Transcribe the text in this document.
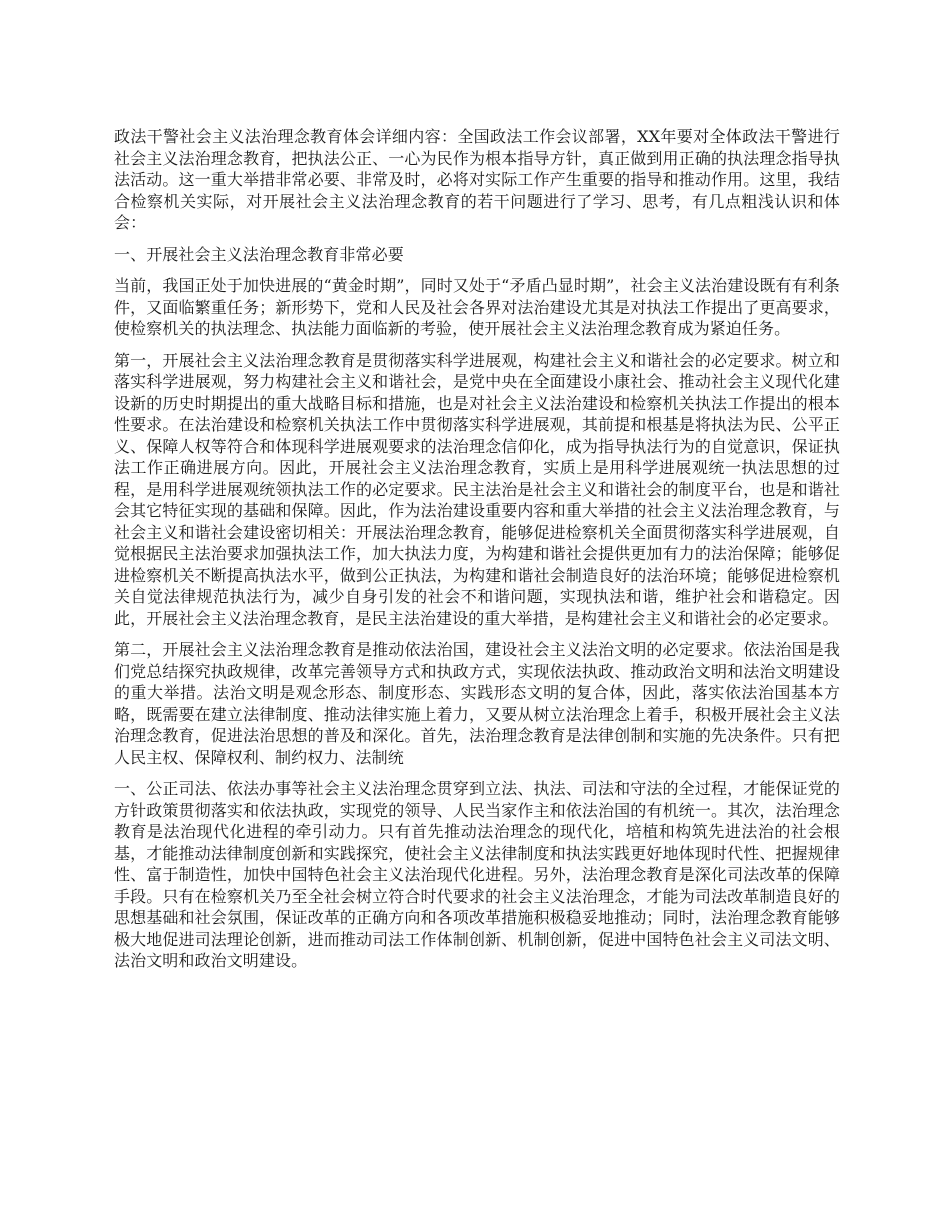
政法干警社会主义法治理念教育体会详细内容：全国政法工作会议部署，XX年要对全体政法干警进行社会主义法治理念教育，把执法公正、一心为民作为根本指导方针，真正做到用正确的执法理念指导执法活动。这一重大举措非常必要、非常及时，必将对实际工作产生重要的指导和推动作用。这里，我结合检察机关实际，对开展社会主义法治理念教育的若干问题进行了学习、思考，有几点粗浅认识和体会：

一、开展社会主义法治理念教育非常必要

当前，我国正处于加快进展的“黄金时期”，同时又处于“矛盾凸显时期”，社会主义法治建设既有有利条件，又面临繁重任务；新形势下，党和人民及社会各界对法治建设尤其是对执法工作提出了更高要求，使检察机关的执法理念、执法能力面临新的考验，使开展社会主义法治理念教育成为紧迫任务。

第一，开展社会主义法治理念教育是贯彻落实科学进展观，构建社会主义和谐社会的必定要求。树立和落实科学进展观，努力构建社会主义和谐社会，是党中央在全面建设小康社会、推动社会主义现代化建设新的历史时期提出的重大战略目标和措施，也是对社会主义法治建设和检察机关执法工作提出的根本性要求。在法治建设和检察机关执法工作中贯彻落实科学进展观，其前提和根基是将执法为民、公平正义、保障人权等符合和体现科学进展观要求的法治理念信仰化，成为指导执法行为的自觉意识，保证执法工作正确进展方向。因此，开展社会主义法治理念教育，实质上是用科学进展观统一执法思想的过程，是用科学进展观统领执法工作的必定要求。民主法治是社会主义和谐社会的制度平台，也是和谐社会其它特征实现的基础和保障。因此，作为法治建设重要内容和重大举措的社会主义法治理念教育，与社会主义和谐社会建设密切相关：开展法治理念教育，能够促进检察机关全面贯彻落实科学进展观，自觉根据民主法治要求加强执法工作，加大执法力度，为构建和谐社会提供更加有力的法治保障；能够促进检察机关不断提高执法水平，做到公正执法，为构建和谐社会制造良好的法治环境；能够促进检察机关自觉法律规范执法行为，减少自身引发的社会不和谐问题，实现执法和谐，维护社会和谐稳定。因此，开展社会主义法治理念教育，是民主法治建设的重大举措，是构建社会主义和谐社会的必定要求。

第二，开展社会主义法治理念教育是推动依法治国，建设社会主义法治文明的必定要求。依法治国是我们党总结探究执政规律，改革完善领导方式和执政方式，实现依法执政、推动政治文明和法治文明建设的重大举措。法治文明是观念形态、制度形态、实践形态文明的复合体，因此，落实依法治国基本方略，既需要在建立法律制度、推动法律实施上着力，又要从树立法治理念上着手，积极开展社会主义法治理念教育，促进法治思想的普及和深化。首先，法治理念教育是法律创制和实施的先决条件。只有把人民主权、保障权利、制约权力、法制统

一、公正司法、依法办事等社会主义法治理念贯穿到立法、执法、司法和守法的全过程，才能保证党的方针政策贯彻落实和依法执政，实现党的领导、人民当家作主和依法治国的有机统一。其次，法治理念教育是法治现代化进程的牵引动力。只有首先推动法治理念的现代化，培植和构筑先进法治的社会根基，才能推动法律制度创新和实践探究，使社会主义法律制度和执法实践更好地体现时代性、把握规律性、富于制造性，加快中国特色社会主义法治现代化进程。另外，法治理念教育是深化司法改革的保障手段。只有在检察机关乃至全社会树立符合时代要求的社会主义法治理念，才能为司法改革制造良好的思想基础和社会氛围，保证改革的正确方向和各项改革措施积极稳妥地推动；同时，法治理念教育能够极大地促进司法理论创新，进而推动司法工作体制创新、机制创新，促进中国特色社会主义司法文明、法治文明和政治文明建设。
